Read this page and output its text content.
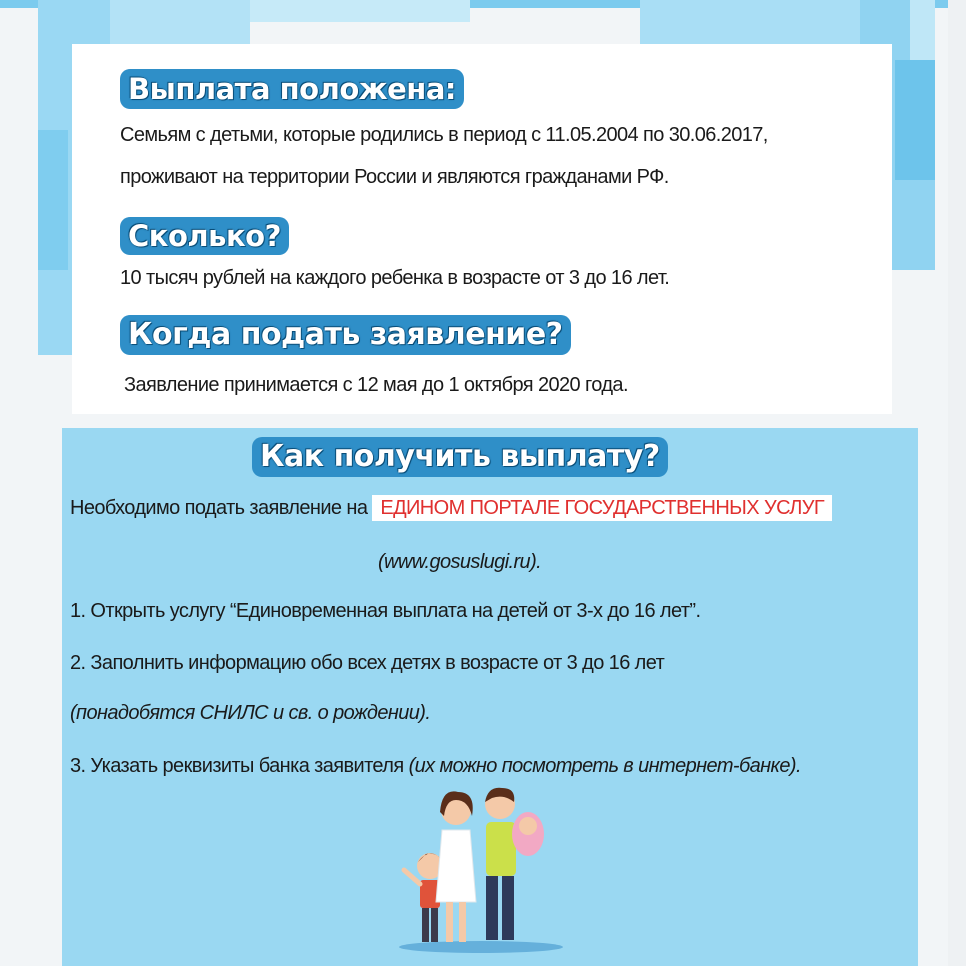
Выплата положена:
Семьям с детьми, которые родились в период с 11.05.2004 по 30.06.2017,
проживают на территории России и являются гражданами РФ.
Сколько?
10 тысяч рублей на каждого ребенка в возрасте от 3 до 16 лет.
Когда подать заявление?
Заявление принимается с 12 мая до 1 октября 2020 года.
Как получить выплату?
Необходимо подать заявление на ЕДИНОМ ПОРТАЛЕ ГОСУДАРСТВЕННЫХ УСЛУГ
(www.gosuslugi.ru).
1. Открыть услугу “Единовременная выплата на детей от 3-х до 16 лет”.
2. Заполнить информацию обо всех детях в возрасте от 3 до 16 лет
(понадобятся СНИЛС и св. о рождении).
3. Указать реквизиты банка заявителя (их можно посмотреть в интернет-банке).
